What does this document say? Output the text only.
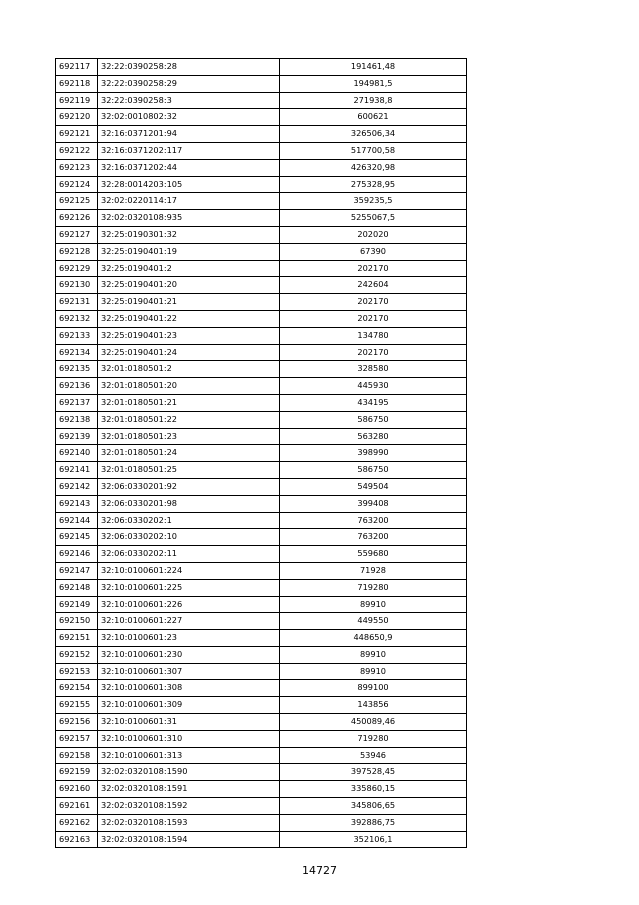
692117	32:22:0390258:28	191461,48
692118	32:22:0390258:29	194981,5
692119	32:22:0390258:3	271938,8
692120	32:02:0010802:32	600621
692121	32:16:0371201:94	326506,34
692122	32:16:0371202:117	517700,58
692123	32:16:0371202:44	426320,98
692124	32:28:0014203:105	275328,95
692125	32:02:0220114:17	359235,5
692126	32:02:0320108:935	5255067,5
692127	32:25:0190301:32	202020
692128	32:25:0190401:19	67390
692129	32:25:0190401:2	202170
692130	32:25:0190401:20	242604
692131	32:25:0190401:21	202170
692132	32:25:0190401:22	202170
692133	32:25:0190401:23	134780
692134	32:25:0190401:24	202170
692135	32:01:0180501:2	328580
692136	32:01:0180501:20	445930
692137	32:01:0180501:21	434195
692138	32:01:0180501:22	586750
692139	32:01:0180501:23	563280
692140	32:01:0180501:24	398990
692141	32:01:0180501:25	586750
692142	32:06:0330201:92	549504
692143	32:06:0330201:98	399408
692144	32:06:0330202:1	763200
692145	32:06:0330202:10	763200
692146	32:06:0330202:11	559680
692147	32:10:0100601:224	71928
692148	32:10:0100601:225	719280
692149	32:10:0100601:226	89910
692150	32:10:0100601:227	449550
692151	32:10:0100601:23	448650,9
692152	32:10:0100601:230	89910
692153	32:10:0100601:307	89910
692154	32:10:0100601:308	899100
692155	32:10:0100601:309	143856
692156	32:10:0100601:31	450089,46
692157	32:10:0100601:310	719280
692158	32:10:0100601:313	53946
692159	32:02:0320108:1590	397528,45
692160	32:02:0320108:1591	335860,15
692161	32:02:0320108:1592	345806,65
692162	32:02:0320108:1593	392886,75
692163	32:02:0320108:1594	352106,1
14727
